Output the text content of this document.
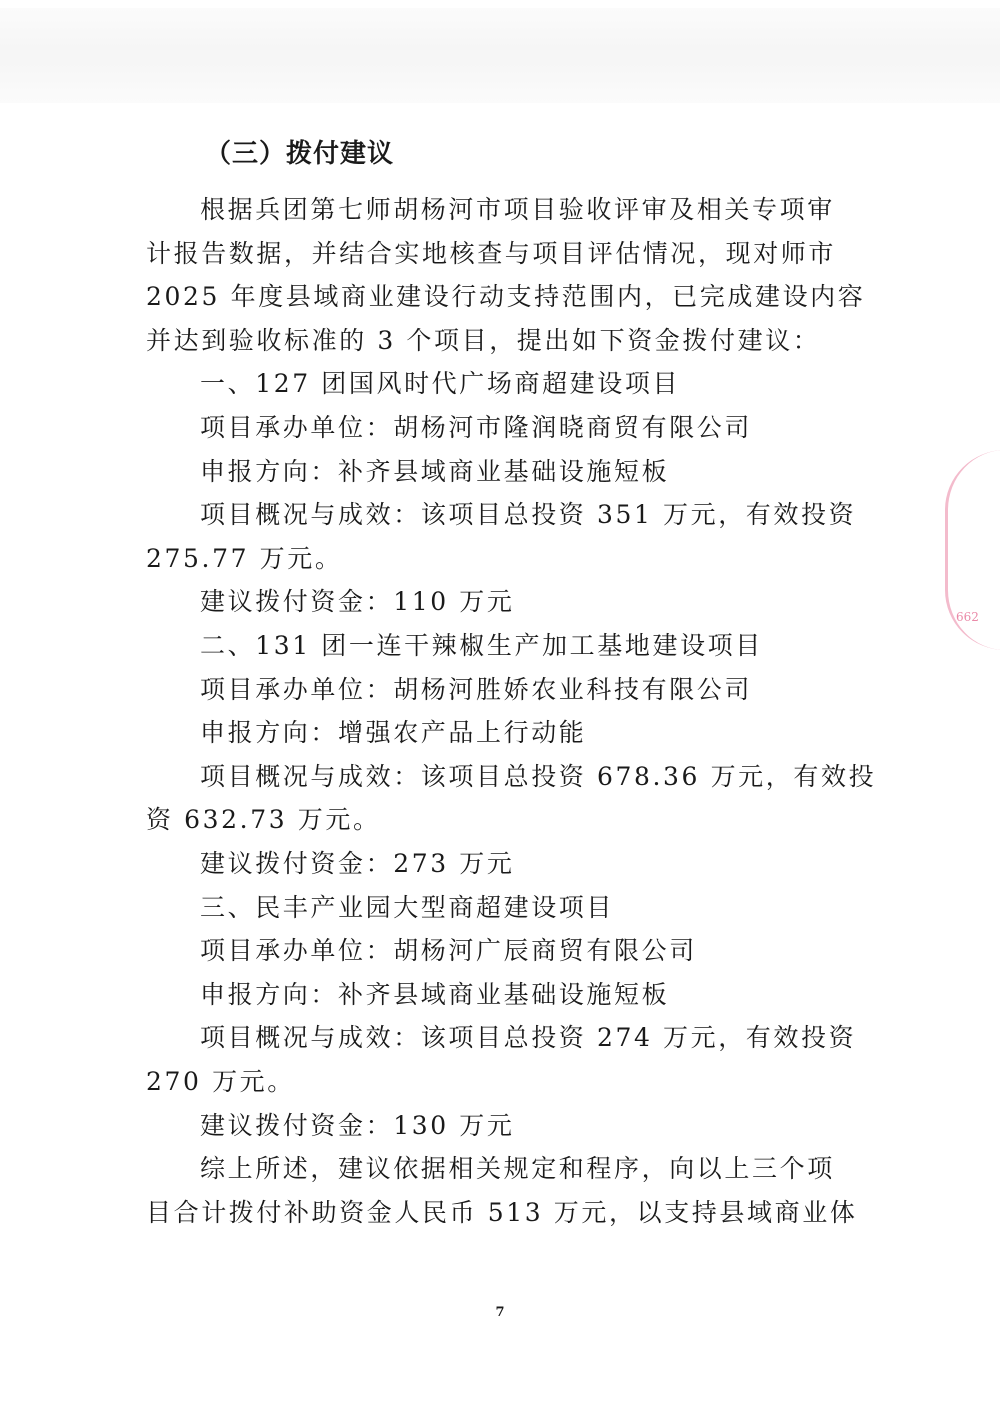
（三）拨付建议
根据兵团第七师胡杨河市项目验收评审及相关专项审
计报告数据，并结合实地核查与项目评估情况，现对师市
2025 年度县域商业建设行动支持范围内，已完成建设内容
并达到验收标准的 3 个项目，提出如下资金拨付建议：
一、127 团国风时代广场商超建设项目
项目承办单位：胡杨河市隆润晓商贸有限公司
申报方向：补齐县域商业基础设施短板
项目概况与成效：该项目总投资 351 万元，有效投资
275.77 万元。
建议拨付资金：110 万元
二、131 团一连干辣椒生产加工基地建设项目
项目承办单位：胡杨河胜娇农业科技有限公司
申报方向：增强农产品上行动能
项目概况与成效：该项目总投资 678.36 万元，有效投
资 632.73 万元。
建议拨付资金：273 万元
三、民丰产业园大型商超建设项目
项目承办单位：胡杨河广辰商贸有限公司
申报方向：补齐县域商业基础设施短板
项目概况与成效：该项目总投资 274 万元，有效投资
270 万元。
建议拨付资金：130 万元
综上所述，建议依据相关规定和程序，向以上三个项
目合计拨付补助资金人民币 513 万元，以支持县域商业体
662
7
